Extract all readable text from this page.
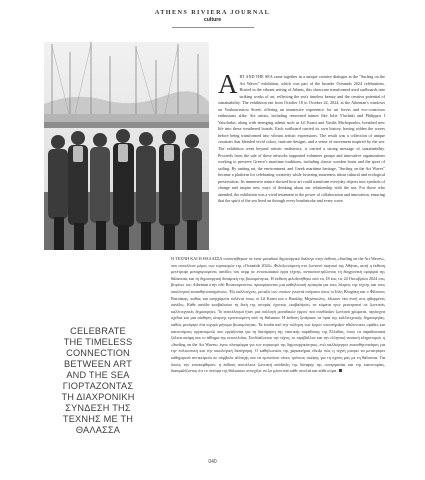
ATHENS RIVIERA JOURNAL
culture
ART AND THE SEA came together in a unique creative dialogue at the "Surfing on the Art Waves" exhibition, which was part of the broader Oceanids 2024 celebrations. Hosted in the vibrant setting of Athens, this showcase transformed used surfboards into striking works of art, reflecting the sea's timeless beauty and the creative potential of sustainability. The exhibition ran from October 18 to October 24, 2024, at the Athenian's windows on Voukourestiou Street, offering an immersive experience for art lovers and eco-conscious enthusiasts alike. Six artists, including renowned names like Iolie Vlachaki and Philippos I Vatschakis, along with emerging talents such as Lil Konsi and Vasilis Michopoulos, breathed new life into these weathered boards. Each surfboard carried its own history, having ridden the waves before being transformed into vibrant artistic expressions. The result was a collection of unique creations that blended vivid colors, intricate designs, and a sense of movement inspired by the sea. The exhibition went beyond artistic endeavors; it carried a strong message of sustainability. Proceeds from the sale of these artworks supported volunteer groups and innovative organizations working to preserve Greece's maritime traditions, including classic wooden boats and the sport of sailing. By uniting art, the environment, and Greek maritime heritage, "Surfing on the Art Waves" became a platform for celebrating creativity while fostering awareness about cultural and ecological preservation. Its immersive nature showed how art could transform everyday objects into symbols of change and inspire new ways of thinking about our relationship with the sea. For those who attended, the exhibition was a vivid testament to the power of collaboration and innovation, ensuring that the spirit of the sea lived on through every brushstroke and every wave.
CELEBRATE
THE TIMELESS
CONNECTION
BETWEEN ART
AND THE SEA
ΓΙΟΡΤΑΖΟΝΤΑΣ
ΤΗ ΔΙΑΧΡΟΝΙΚΗ
ΣΥΝΔΕΣΗ ΤΗΣ
ΤΕΧΝΗΣ ΜΕ ΤΗ
ΘΑΛΑΣΣΑ
Η ΤΕΧΝΗ ΚΑΙ Η ΘΑΛΑΣΣΑ συναντήθηκαν σε έναν μοναδικό δημιουργικό διάλογο στην έκθεση «Surfing on the Art Waves», που αποτέλεσε μέρος των εορτασμών της «Oceanids 2024». Φιλοξενούμενη στο ζωντανό σκηνικό της Αθήνας, αυτή η έκθεση μετέτρεψε μεταχειρισμένες σανίδες του σερφ σε εντυπωσιακά έργα τέχνης, αντικατοπτρίζοντας τη διαχρονική ομορφιά της θάλασσας και τη δημιουργική δυναμική της βιωσιμότητας. Η έκθεση φιλοξενήθηκε από τις 18 έως τις 24 Οκτωβρίου 2024 στις βιτρίνες του Athenian στην οδό Βουκουρεστίου, προσφέροντας μια καθηλωτική εμπειρία για τους λάτρεις της τέχνης και τους οικολογικά ευαισθητοποιημένους. Έξι καλλιτέχνες, μεταξύ των οποίων γνωστά ονόματα όπως οι Ιόλη Βλαχάκη και ο Φίλιππος Βατσάκης, καθώς και ανερχόμενα ταλέντα όπως οι Lil Konsi και ο Βασίλης Μιχόπουλος, έδωσαν νέα πνοή στις φθαρμένες σανίδες. Κάθε σανίδα κουβαλούσε τη δική της ιστορία, έχοντας «καβαλήσει» τα κύματα πριν μετατραπεί σε ζωντανές καλλιτεχνικές δημιουργίες. Το αποτέλεσμα ήταν μια συλλογή μοναδικών έργων που συνδύαζαν ζωντανά χρώματα, περίτεχνα σχέδια και μια αίσθηση κίνησης εμπνευσμένη από τη θάλασσα. Η έκθεση ξεπέρασε τα όρια της καλλιτεχνικής δημιουργίας, καθώς μετέφερε ένα ισχυρό μήνυμα βιωσιμότητας. Τα έσοδα από την πώληση των έργων υποστήριξαν εθελοντικές ομάδες και καινοτόμους οργανισμούς που εργάζονται για τη διατήρηση της ναυτικής παράδοσης της Ελλάδας, όπως τα παραδοσιακά ξύλινα σκάφη και το άθλημα της ιστιοπλοΐας. Συνδυάζοντας την τέχνη, το περιβάλλον και την ελληνική ναυτική κληρονομιά, η «Surfing on the Art Waves» έγινε πλατφόρμα για τον εορτασμό της δημιουργικότητας, ενώ καλλιέργησε ευαισθητοποίηση για την πολιτιστική και την οικολογική διατήρηση. Ο καθηλωτικός της χαρακτήρας έδειξε πώς η τέχνη μπορεί να μετατρέψει καθημερινά αντικείμενα σε σύμβολα αλλαγής και να εμπνεύσει νέους τρόπους σκέψης για τη σχέση μας με τη θάλασσα. Για όσους την επισκέφθηκαν, η έκθεση αποτέλεσε ζωντανή απόδειξη της δύναμης της συνεργασίας και της καινοτομίας, διασφαλίζοντας ότι το πνεύμα της θάλασσας συνεχίζει να ζει μέσα από κάθε πινελιά και κάθε κύμα.
040
